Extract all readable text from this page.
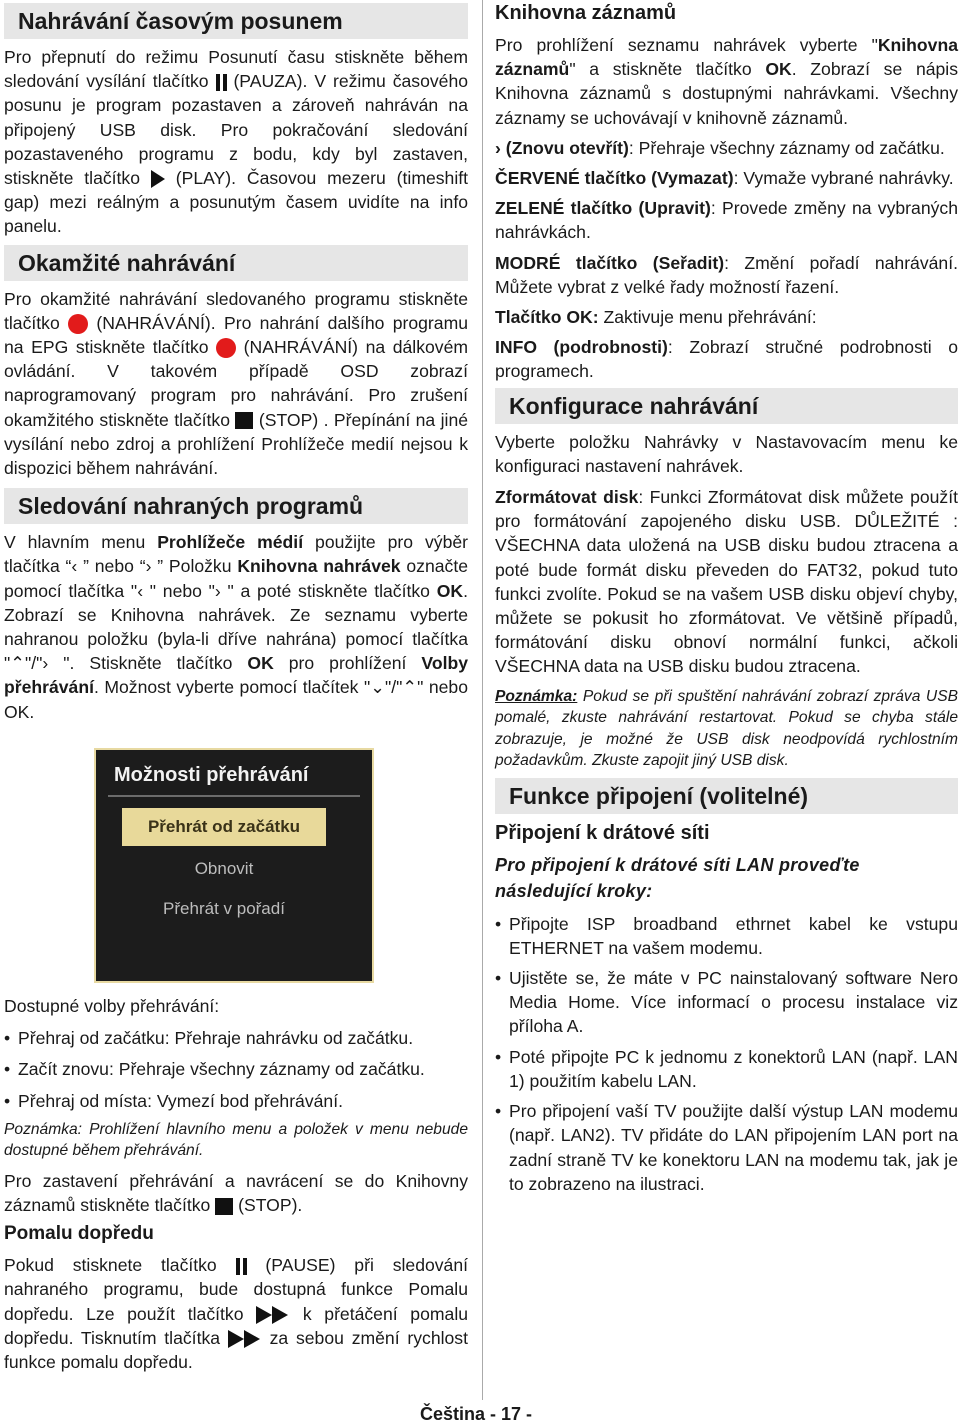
Nahrávání časovým posunem

Pro přepnutí do režimu Posunutí času stiskněte během sledování vysílání tlačítko (PAUZA). V režimu časového posunu je program pozastaven a zároveň nahráván na připojený USB disk. Pro pokračování sledování pozastaveného programu z bodu, kdy byl zastaven, stiskněte tlačítko (PLAY). Časovou mezeru (timeshift gap) mezi reálným a posunutým časem uvidíte na info panelu.

Okamžité nahrávání

Pro okamžité nahrávání sledovaného programu stiskněte tlačítko (NAHRÁVÁNÍ). Pro nahrání dalšího programu na EPG stiskněte tlačítko (NAHRÁVÁNÍ) na dálkovém ovládání. V takovém případě OSD zobrazí naprogramovaný program pro nahrávání. Pro zrušení okamžitého stiskněte tlačítko (STOP) . Přepínání na jiné vysílání nebo zdroj a prohlížení Prohlížeče medií nejsou k dispozici během nahrávání.

Sledování nahraných programů

V hlavním menu Prohlížeče médií použijte pro výběr tlačítka “‹ ” nebo “› ” Položku Knihovna nahrávek označte pomocí tlačítka "‹ " nebo "› " a poté stiskněte tlačítko OK. Zobrazí se Knihovna nahrávek. Ze seznamu vyberte nahranou položku (byla-li dříve nahrána) pomocí tlačítka "⌃"/"› ". Stiskněte tlačítko OK pro prohlížení Volby přehrávání. Možnost vyberte pomocí tlačítek "⌄"/"⌃" nebo OK.

Možnosti přehrávání
Přehrát od začátku
Obnovit
Přehrát v pořadí

Dostupné volby přehrávání:

• Přehraj od začátku: Přehraje nahrávku od začátku.
• Začít znovu: Přehraje všechny záznamy od začátku.
• Přehraj od místa: Vymezí bod přehrávání.

Poznámka: Prohlížení hlavního menu a položek v menu nebude dostupné během přehrávání.

Pro zastavení přehrávání a navrácení se do Knihovny záznamů stiskněte tlačítko (STOP).

Pomalu dopředu

Pokud stisknete tlačítko	(PAUSE) při sledování nahraného programu, bude dostupná funkce Pomalu dopředu. Lze použít tlačítko	k přetáčení pomalu dopředu. Tisknutím tlačítka	za sebou změní rychlost funkce pomalu dopředu.

Knihovna záznamů

Pro prohlížení seznamu nahrávek vyberte "Knihovna záznamů" a stiskněte tlačítko OK. Zobrazí se nápis Knihovna záznamů s dostupnými nahrávkami. Všechny záznamy se uchovávají v knihovně záznamů.

› (Znovu otevřít): Přehraje všechny záznamy od začátku.

ČERVENÉ tlačítko (Vymazat): Vymaže vybrané nahrávky.

ZELENÉ tlačítko (Upravit): Provede změny na vybraných nahrávkách.

MODRÉ tlačítko (Seřadit): Změní pořadí nahrávání. Můžete vybrat z velké řady možností řazení.

Tlačítko OK: Zaktivuje menu přehrávání:

INFO (podrobnosti): Zobrazí stručné podrobnosti o programech.

Konfigurace nahrávání

Vyberte položku Nahrávky v Nastavovacím menu ke konfiguraci nastavení nahrávek.

Zformátovat disk: Funkci Zformátovat disk můžete použít pro formátování zapojeného disku USB. DŮLEŽITÉ : VŠECHNA data uložená na USB disku budou ztracena a poté bude formát disku převeden do FAT32, pokud tuto funkci zvolíte. Pokud se na vašem USB disku objeví chyby, můžete se pokusit ho zformátovat. Ve většině případů, formátování disku obnoví normální funkci, ačkoli VŠECHNA data na USB disku budou ztracena.

Poznámka: Pokud se při spuštění nahrávání zobrazí zpráva USB pomalé, zkuste nahrávání restartovat. Pokud se chyba stále zobrazuje, je možné že USB disk neodpovídá rychlostním požadavkům. Zkuste zapojit jiný USB disk.

Funkce připojení (volitelné)

Připojení k drátové síti

Pro připojení k drátové síti LAN proveďte následující kroky:

• Připojte ISP broadband ethrnet kabel ke vstupu ETHERNET na vašem modemu.
• Ujistěte se, že máte v PC nainstalovaný software Nero Media Home. Více informací o procesu instalace viz příloha A.
• Poté připojte PC k jednomu z konektorů LAN (např. LAN 1) použitím kabelu LAN.
• Pro připojení vaší TV použijte další výstup LAN modemu (např. LAN2). TV přidáte do LAN připojením LAN port na zadní straně TV ke konektoru LAN na modemu tak, jak je to zobrazeno na ilustraci.
Čeština - 17 -
